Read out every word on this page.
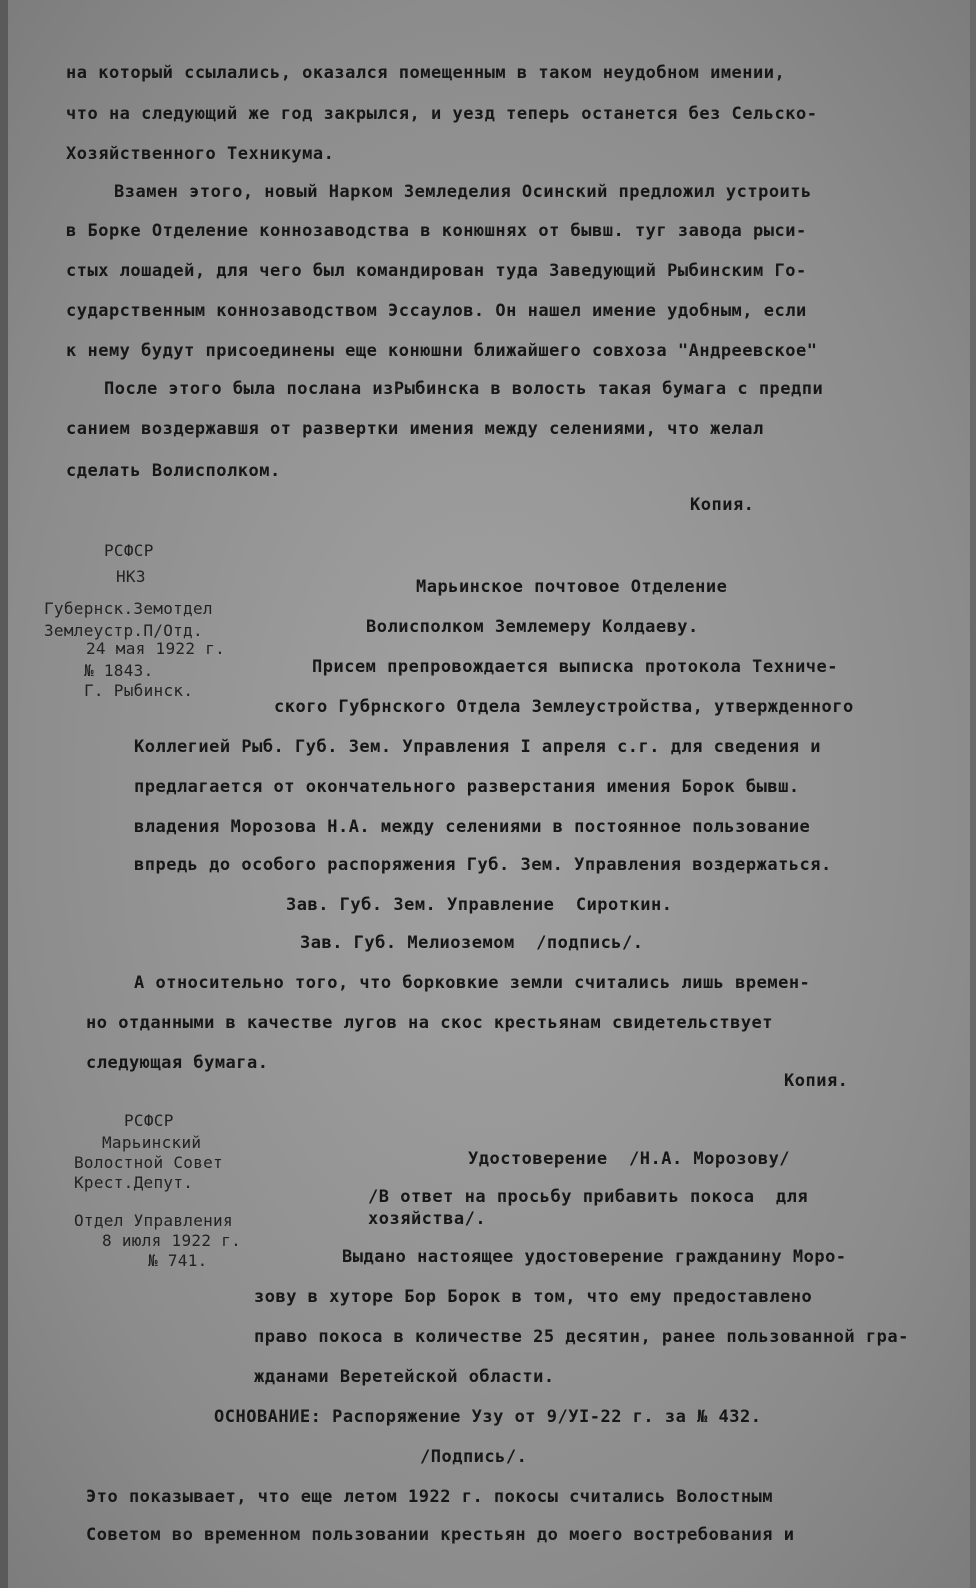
на который ссылались, оказался помещенным в таком неудобном имении,
что на следующий же год закрылся, и уезд теперь останется без Сельско-
Хозяйственного Техникума.
Взамен этого, новый Нарком Земледелия Осинский предложил устроить
в Борке Отделение коннозаводства в конюшнях от бывш. туг завода рыси-
стых лошадей, для чего был командирован туда Заведующий Рыбинским Го-
сударственным коннозаводством Эссаулов. Он нашел имение удобным, если
к нему будут присоединены еще конюшни ближайшего совхоза "Андреевское"
После этого была послана изРыбинска в волость такая бумага с предпи
санием воздержавшя от развертки имения между селениями, что желал
сделать Волисполком.
Копия.
РСФСР
НКЗ
Губернск.Земотдел
Землеустр.П/Отд.
24 мая 1922 г.
№ 1843.
Г. Рыбинск.
Марьинское почтовое Отделение
Волисполком Землемеру Колдаеву.
Присем препровождается выписка протокола Техниче-
ского Губрнского Отдела Землеустройства, утвержденного
Коллегией Рыб. Губ. Зем. Управления I апреля с.г. для сведения и
предлагается от окончательного разверстания имения Борок бывш.
владения Морозова Н.А. между селениями в постоянное пользование
впредь до особого распоряжения Губ. Зем. Управления воздержаться.
Зав. Губ. Зем. Управление  Сироткин.
Зав. Губ. Мелиоземом  /подпись/.
А относительно того, что борковкие земли считались лишь времен-
но отданными в качестве лугов на скос крестьянам свидетельствует
следующая бумага.
Копия.
РСФСР
Марьинский
Волостной Совет
Крест.Депут.
Отдел Управления
8 июля 1922 г.
№ 741.
Удостоверение  /Н.А. Морозову/
/В ответ на просьбу прибавить покоса  для
хозяйства/.
Выдано настоящее удостоверение гражданину Моро-
зову в хуторе Бор Борок в том, что ему предоставлено
право покоса в количестве 25 десятин, ранее пользованной гра-
жданами Веретейской области.
ОСНОВАНИЕ: Распоряжение Узу от 9/УI-22 г. за № 432.
/Подпись/.
Это показывает, что еще летом 1922 г. покосы считались Волостным
Советом во временном пользовании крестьян до моего востребования и
